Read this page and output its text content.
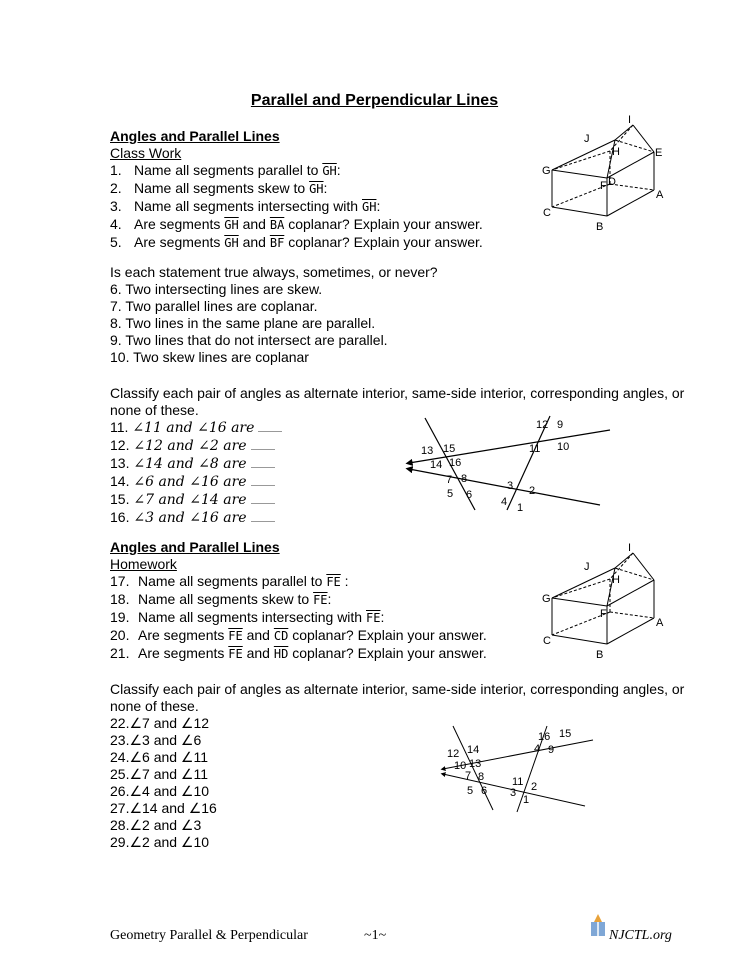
Parallel and Perpendicular Lines
Angles and Parallel Lines
Class Work
1. Name all segments parallel to $\overline{GH}$:
2. Name all segments skew to $\overline{GH}$:
3. Name all segments intersecting with $\overline{GH}$:
4. Are segments $\overline{GH}$ and $\overline{BA}$ coplanar? Explain your answer.
5. Are segments $\overline{GH}$ and $\overline{BF}$ coplanar? Explain your answer.
I
J
H	E
G
F D
A
C
B
Is each statement true always, sometimes, or never?
6. Two intersecting lines are skew.
7. Two parallel lines are coplanar.
8. Two lines in the same plane are parallel.
9. Two lines that do not intersect are parallel.
10. Two skew lines are coplanar
Classify each pair of angles as alternate interior, same-side interior, corresponding angles, or
none of these.
11. ∠11 and ∠16 are
12. ∠12 and ∠2 are
13. ∠14 and ∠8 are
14. ∠6 and ∠16 are
15. ∠7 and ∠14 are
16. ∠3 and ∠16 are
12 9
11 10
13 15
14 16
7 8
3
5 6	2
4 1
Angles and Parallel Lines
Homework
17. Name all segments parallel to $\overline{FE}$ :
18. Name all segments skew to $\overline{FE}$:
19. Name all segments intersecting with $\overline{FE}$:
20. Are segments $\overline{FE}$ and $\overline{CD}$ coplanar? Explain your answer.
21. Are segments $\overline{FE}$ and $\overline{HD}$ coplanar? Explain your answer.
I
J
H
G
F
A
C
B
Classify each pair of angles as alternate interior, same-side interior, corresponding angles, or
none of these.
22.∠7 and ∠12
23.∠3 and ∠6
24.∠6 and ∠11
25.∠7 and ∠11
26.∠4 and ∠10
27.∠14 and ∠16
28.∠2 and ∠3
29.∠2 and ∠10
16 15
4 9
12 14
10 13
7 8	11 2
5 6 3
1
Geometry Parallel & Perpendicular	~1~	NJCTL.org
